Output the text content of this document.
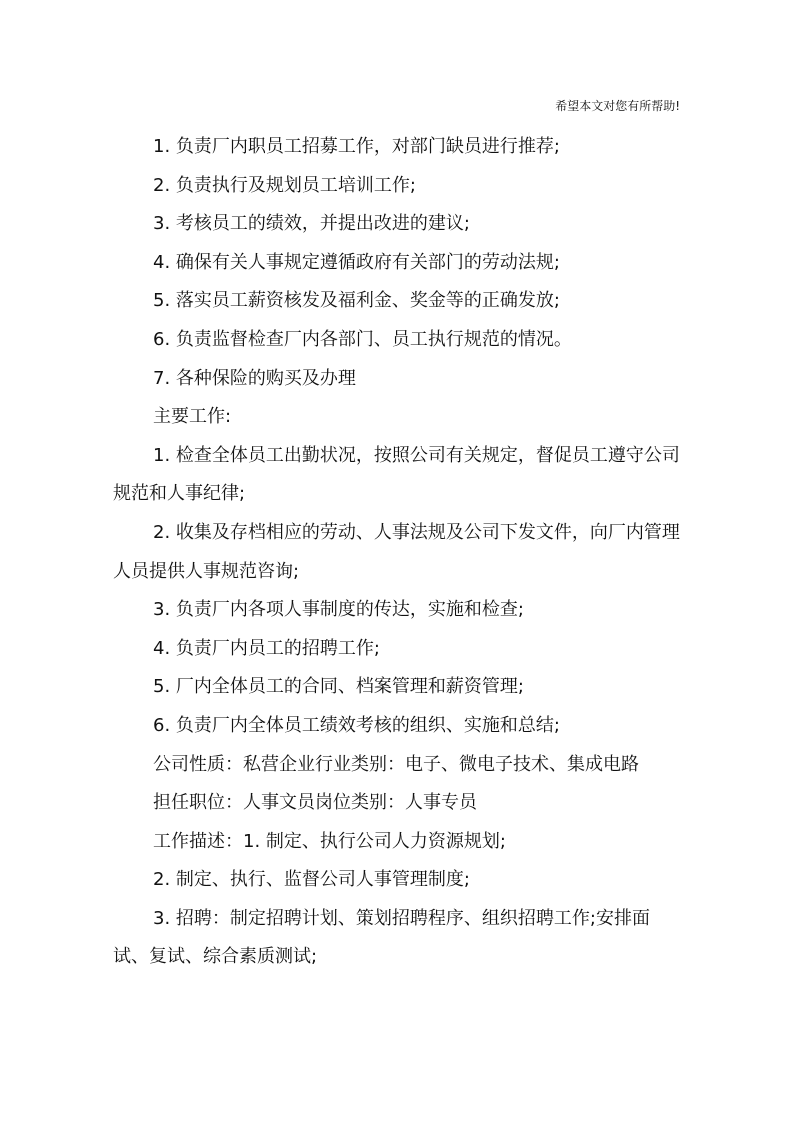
希望本文对您有所帮助!

1. 负责厂内职员工招募工作，对部门缺员进行推荐;

2. 负责执行及规划员工培训工作;

3. 考核员工的绩效，并提出改进的建议;

4. 确保有关人事规定遵循政府有关部门的劳动法规;

5. 落实员工薪资核发及福利金、奖金等的正确发放;

6. 负责监督检查厂内各部门、员工执行规范的情况。

7. 各种保险的购买及办理

主要工作:

1. 检查全体员工出勤状况，按照公司有关规定，督促员工遵守公司规范和人事纪律;

2. 收集及存档相应的劳动、人事法规及公司下发文件，向厂内管理人员提供人事规范咨询;

3. 负责厂内各项人事制度的传达，实施和检查;

4. 负责厂内员工的招聘工作;

5. 厂内全体员工的合同、档案管理和薪资管理;

6. 负责厂内全体员工绩效考核的组织、实施和总结;

公司性质：私营企业行业类别：电子、微电子技术、集成电路

担任职位：人事文员岗位类别：人事专员

工作描述：1. 制定、执行公司人力资源规划;

2. 制定、执行、监督公司人事管理制度;

3. 招聘：制定招聘计划、策划招聘程序、组织招聘工作;安排面试、复试、综合素质测试;
